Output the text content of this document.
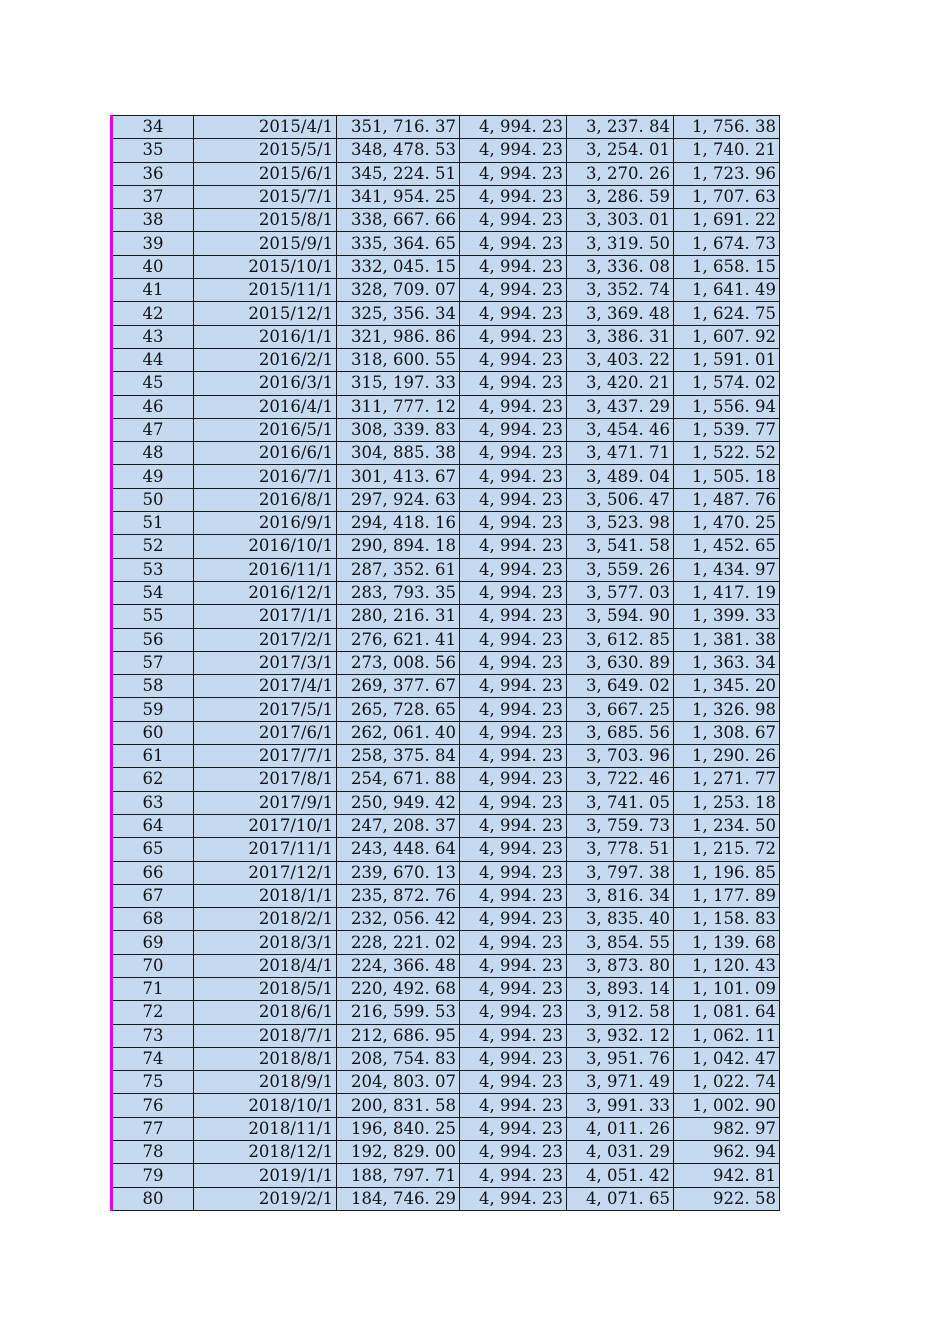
34	2015/4/1	351, 716. 37	4, 994. 23	3, 237. 84	1, 756. 38
35	2015/5/1	348, 478. 53	4, 994. 23	3, 254. 01	1, 740. 21
36	2015/6/1	345, 224. 51	4, 994. 23	3, 270. 26	1, 723. 96
37	2015/7/1	341, 954. 25	4, 994. 23	3, 286. 59	1, 707. 63
38	2015/8/1	338, 667. 66	4, 994. 23	3, 303. 01	1, 691. 22
39	2015/9/1	335, 364. 65	4, 994. 23	3, 319. 50	1, 674. 73
40	2015/10/1	332, 045. 15	4, 994. 23	3, 336. 08	1, 658. 15
41	2015/11/1	328, 709. 07	4, 994. 23	3, 352. 74	1, 641. 49
42	2015/12/1	325, 356. 34	4, 994. 23	3, 369. 48	1, 624. 75
43	2016/1/1	321, 986. 86	4, 994. 23	3, 386. 31	1, 607. 92
44	2016/2/1	318, 600. 55	4, 994. 23	3, 403. 22	1, 591. 01
45	2016/3/1	315, 197. 33	4, 994. 23	3, 420. 21	1, 574. 02
46	2016/4/1	311, 777. 12	4, 994. 23	3, 437. 29	1, 556. 94
47	2016/5/1	308, 339. 83	4, 994. 23	3, 454. 46	1, 539. 77
48	2016/6/1	304, 885. 38	4, 994. 23	3, 471. 71	1, 522. 52
49	2016/7/1	301, 413. 67	4, 994. 23	3, 489. 04	1, 505. 18
50	2016/8/1	297, 924. 63	4, 994. 23	3, 506. 47	1, 487. 76
51	2016/9/1	294, 418. 16	4, 994. 23	3, 523. 98	1, 470. 25
52	2016/10/1	290, 894. 18	4, 994. 23	3, 541. 58	1, 452. 65
53	2016/11/1	287, 352. 61	4, 994. 23	3, 559. 26	1, 434. 97
54	2016/12/1	283, 793. 35	4, 994. 23	3, 577. 03	1, 417. 19
55	2017/1/1	280, 216. 31	4, 994. 23	3, 594. 90	1, 399. 33
56	2017/2/1	276, 621. 41	4, 994. 23	3, 612. 85	1, 381. 38
57	2017/3/1	273, 008. 56	4, 994. 23	3, 630. 89	1, 363. 34
58	2017/4/1	269, 377. 67	4, 994. 23	3, 649. 02	1, 345. 20
59	2017/5/1	265, 728. 65	4, 994. 23	3, 667. 25	1, 326. 98
60	2017/6/1	262, 061. 40	4, 994. 23	3, 685. 56	1, 308. 67
61	2017/7/1	258, 375. 84	4, 994. 23	3, 703. 96	1, 290. 26
62	2017/8/1	254, 671. 88	4, 994. 23	3, 722. 46	1, 271. 77
63	2017/9/1	250, 949. 42	4, 994. 23	3, 741. 05	1, 253. 18
64	2017/10/1	247, 208. 37	4, 994. 23	3, 759. 73	1, 234. 50
65	2017/11/1	243, 448. 64	4, 994. 23	3, 778. 51	1, 215. 72
66	2017/12/1	239, 670. 13	4, 994. 23	3, 797. 38	1, 196. 85
67	2018/1/1	235, 872. 76	4, 994. 23	3, 816. 34	1, 177. 89
68	2018/2/1	232, 056. 42	4, 994. 23	3, 835. 40	1, 158. 83
69	2018/3/1	228, 221. 02	4, 994. 23	3, 854. 55	1, 139. 68
70	2018/4/1	224, 366. 48	4, 994. 23	3, 873. 80	1, 120. 43
71	2018/5/1	220, 492. 68	4, 994. 23	3, 893. 14	1, 101. 09
72	2018/6/1	216, 599. 53	4, 994. 23	3, 912. 58	1, 081. 64
73	2018/7/1	212, 686. 95	4, 994. 23	3, 932. 12	1, 062. 11
74	2018/8/1	208, 754. 83	4, 994. 23	3, 951. 76	1, 042. 47
75	2018/9/1	204, 803. 07	4, 994. 23	3, 971. 49	1, 022. 74
76	2018/10/1	200, 831. 58	4, 994. 23	3, 991. 33	1, 002. 90
77	2018/11/1	196, 840. 25	4, 994. 23	4, 011. 26	982. 97
78	2018/12/1	192, 829. 00	4, 994. 23	4, 031. 29	962. 94
79	2019/1/1	188, 797. 71	4, 994. 23	4, 051. 42	942. 81
80	2019/2/1	184, 746. 29	4, 994. 23	4, 071. 65	922. 58
